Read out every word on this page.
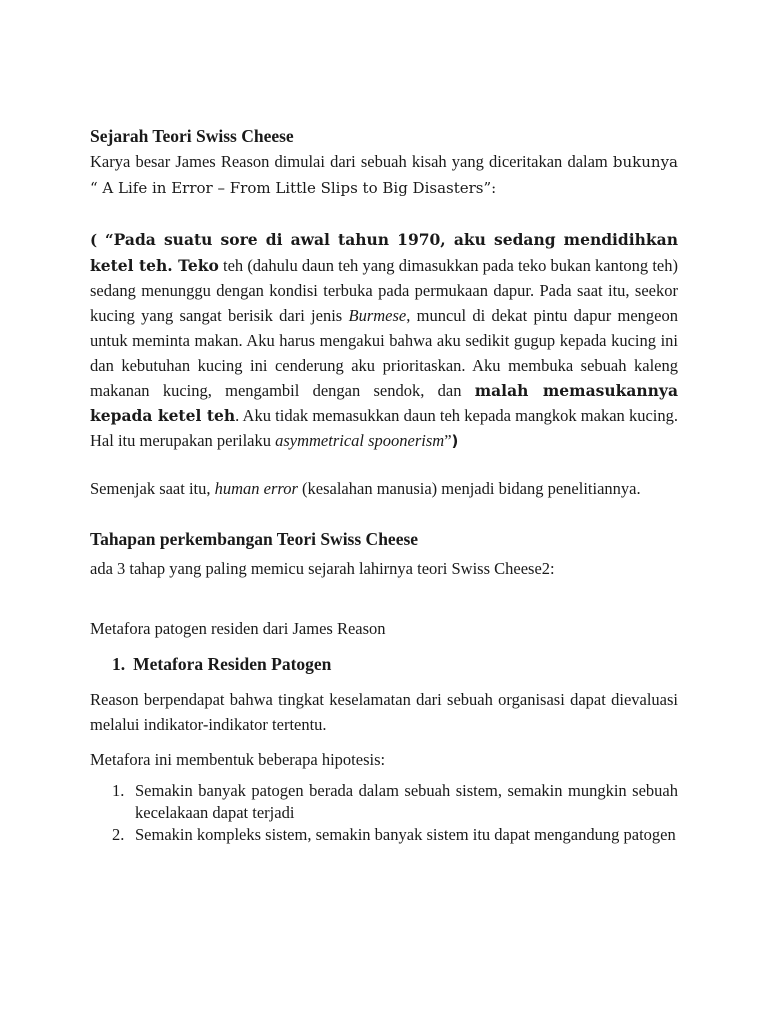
Sejarah Teori Swiss Cheese

Karya besar James Reason dimulai dari sebuah kisah yang diceritakan dalam bukunya “ A Life in Error – From Little Slips to Big Disasters”:

( “Pada suatu sore di awal tahun 1970, aku sedang mendidihkan ketel teh. Teko teh (dahulu daun teh yang dimasukkan pada teko bukan kantong teh) sedang menunggu dengan kondisi terbuka pada permukaan dapur. Pada saat itu, seekor kucing yang sangat berisik dari jenis Burmese, muncul di dekat pintu dapur mengeon untuk meminta makan. Aku harus mengakui bahwa aku sedikit gugup kepada kucing ini dan kebutuhan kucing ini cenderung aku prioritaskan. Aku membuka sebuah kaleng makanan kucing, mengambil dengan sendok, dan malah memasukannya kepada ketel teh. Aku tidak memasukkan daun teh kepada mangkok makan kucing. Hal itu merupakan perilaku asymmetrical spoonerism”)

Semenjak saat itu, human error (kesalahan manusia) menjadi bidang penelitiannya.

Tahapan perkembangan Teori Swiss Cheese

ada 3 tahap yang paling memicu sejarah lahirnya teori Swiss Cheese2:

Metafora patogen residen dari James Reason

1. Metafora Residen Patogen

Reason berpendapat bahwa tingkat keselamatan dari sebuah organisasi dapat dievaluasi melalui indikator-indikator tertentu.

Metafora ini membentuk beberapa hipotesis:

1. Semakin banyak patogen berada dalam sebuah sistem, semakin mungkin sebuah kecelakaan dapat terjadi
2. Semakin kompleks sistem, semakin banyak sistem itu dapat mengandung patogen
